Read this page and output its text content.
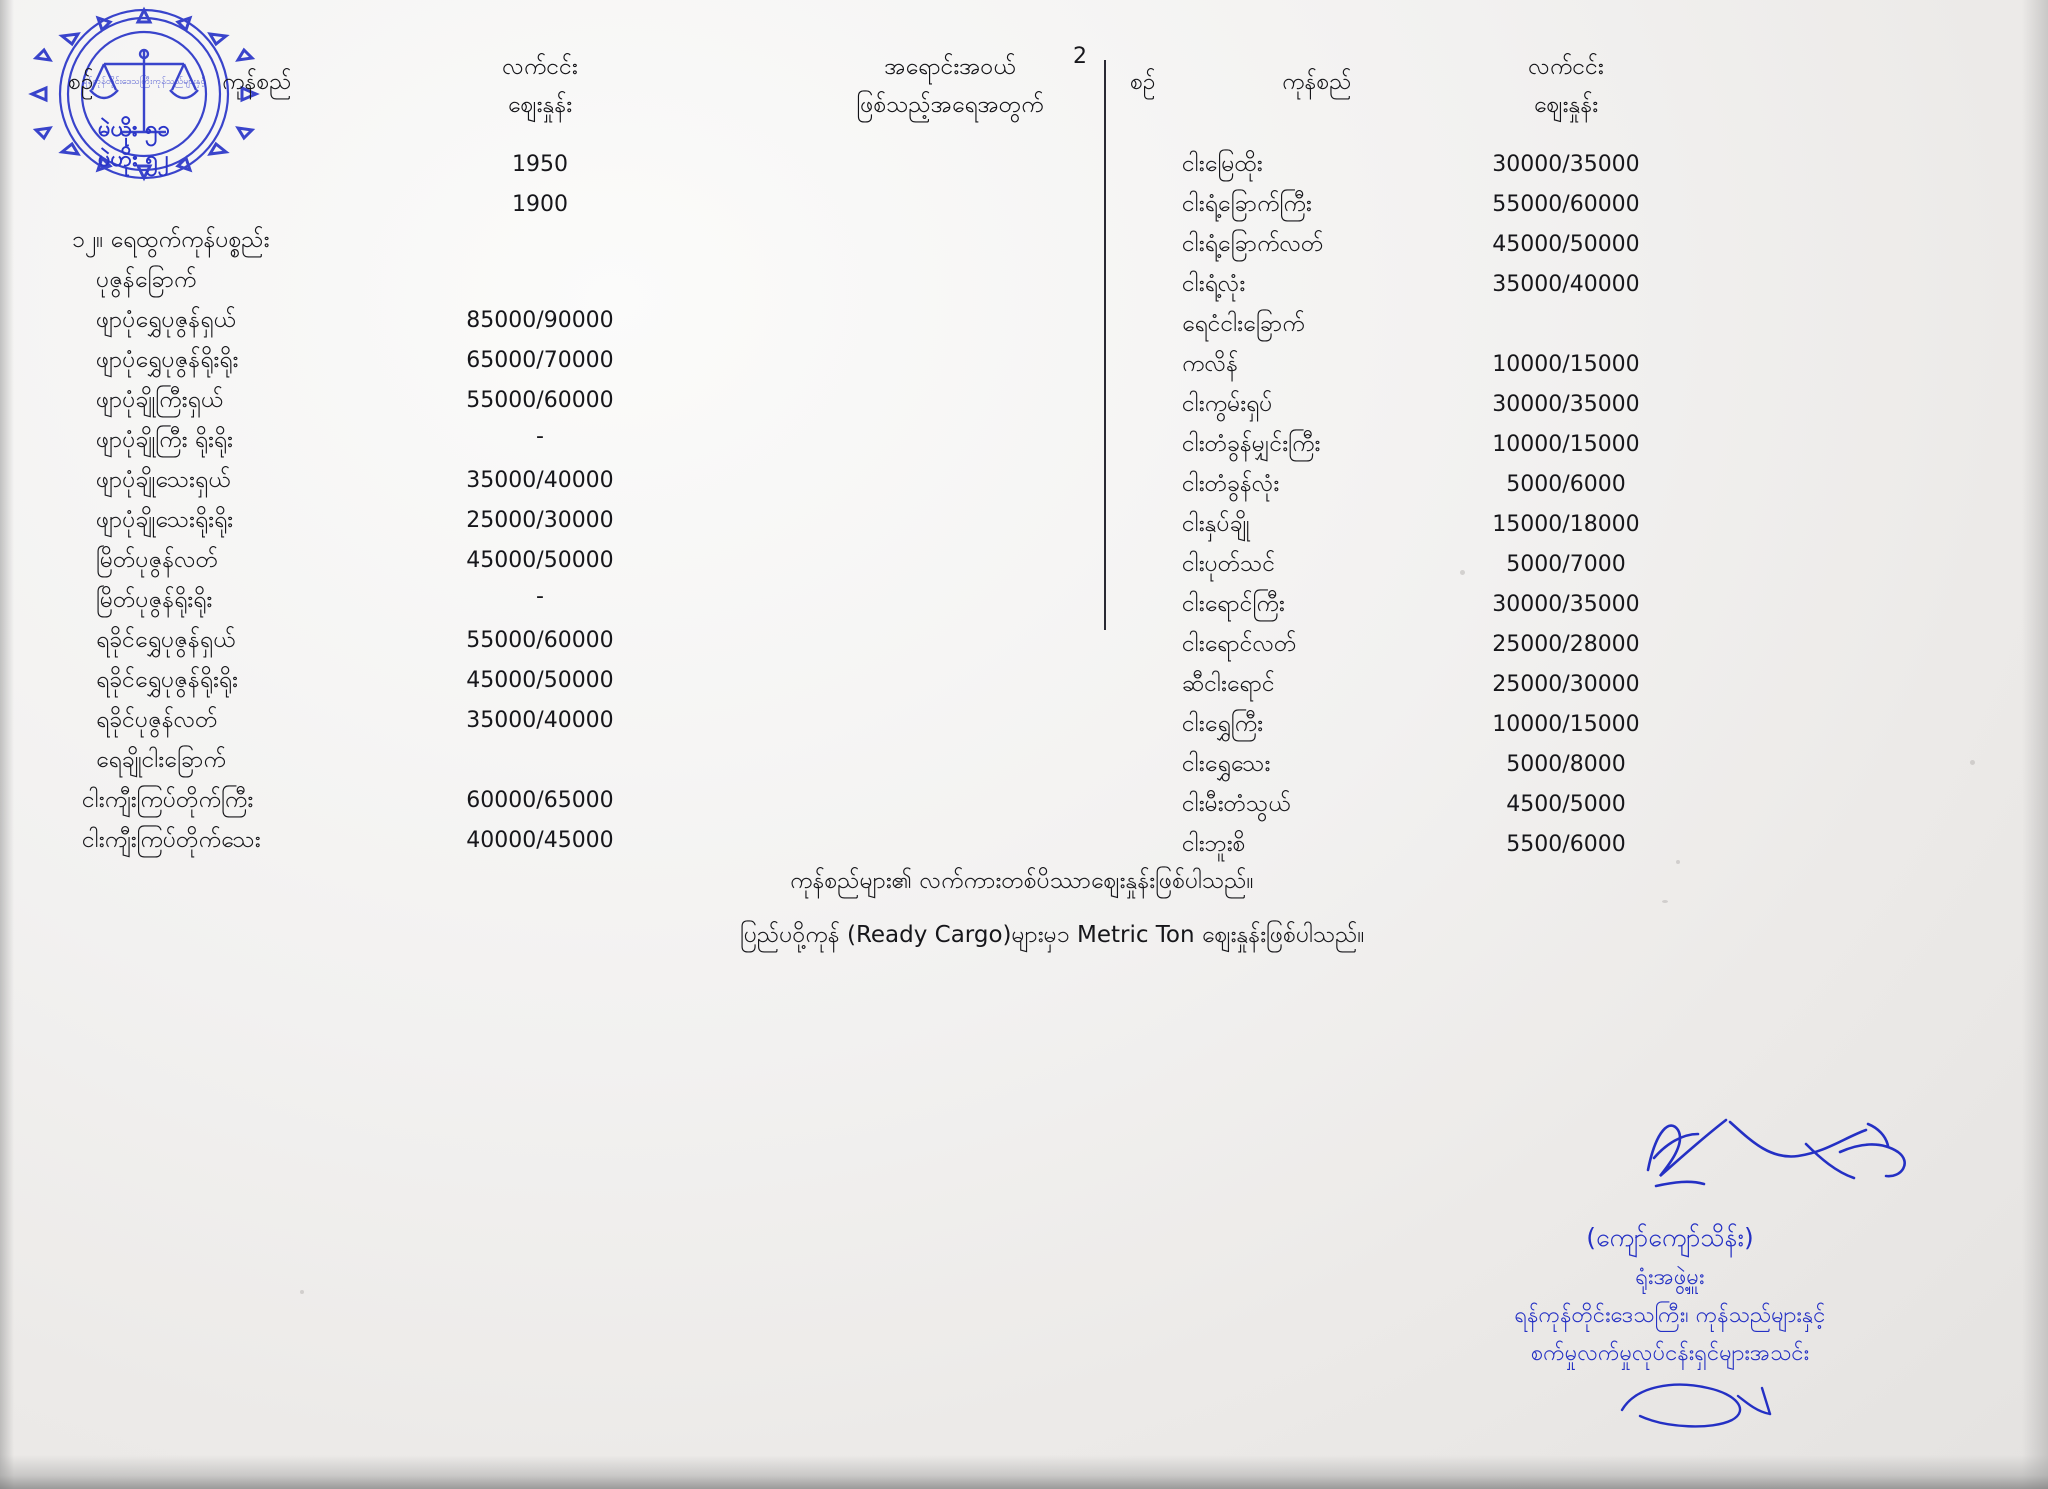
2
ရန်ကုန်တိုင်းဒေသကြီးကုန်သည်များနှင့်
မဲယိုး ၅၁
ပဲဟိုး ၅၂
စဉ်	ကုန်စည်
လက်ငင်း
ဈေးနှုန်း
အရောင်းအဝယ်
ဖြစ်သည့်အရေအတွက်
စဉ်	ကုန်စည်
လက်ငင်း
ဈေးနှုန်း
1950
1900
၁၂။ ရေထွက်ကုန်ပစ္စည်း
ပုဇွန်ခြောက်
ဖျာပုံရွှေပုဇွန်ရှယ်	85000/90000
ဖျာပုံရွှေပုဇွန်ရိုးရိုး	65000/70000
ဖျာပုံချိုကြီးရှယ်	55000/60000
ဖျာပုံချိုကြီး ရိုးရိုး	-
ဖျာပုံချိုသေးရှယ်	35000/40000
ဖျာပုံချိုသေးရိုးရိုး	25000/30000
မြိတ်ပုဇွန်လတ်	45000/50000
မြိတ်ပုဇွန်ရိုးရိုး	-
ရခိုင်ရွှေပုဇွန်ရှယ်	55000/60000
ရခိုင်ရွှေပုဇွန်ရိုးရိုး	45000/50000
ရခိုင်ပုဇွန်လတ်	35000/40000
ရေချိုငါးခြောက်
ငါးကျီးကြပ်တိုက်ကြီး	60000/65000
ငါးကျီးကြပ်တိုက်သေး	40000/45000
ငါးမြေထိုး	30000/35000
ငါးရံ့ခြောက်ကြီး	55000/60000
ငါးရံ့ခြောက်လတ်	45000/50000
ငါးရံ့လုံး	35000/40000
ရေငံငါးခြောက်
ကလိန်	10000/15000
ငါးကွမ်းရှပ်	30000/35000
ငါးတံခွန်မျှင်းကြီး	10000/15000
ငါးတံခွန်လုံး	5000/6000
ငါးနှပ်ချို	15000/18000
ငါးပုတ်သင်	5000/7000
ငါးရောင်ကြီး	30000/35000
ငါးရောင်လတ်	25000/28000
ဆီငါးရောင်	25000/30000
ငါးရွှေကြီး	10000/15000
ငါးရွှေသေး	5000/8000
ငါးမီးတံသွယ်	4500/5000
ငါးဘူးစိ	5500/6000
ကုန်စည်များ၏ လက်ကားတစ်ပိဿာဈေးနှုန်းဖြစ်ပါသည်။
ပြည်ပဝို့ကုန် (Ready Cargo)များမှ၁ Metric Ton ဈေးနှုန်းဖြစ်ပါသည်။
(ကျော်ကျော်သိန်း)
ရုံးအဖွဲ့မှူး
ရန်ကုန်တိုင်းဒေသကြီး၊ ကုန်သည်များနှင့်
စက်မှုလက်မှုလုပ်ငန်းရှင်များအသင်း
